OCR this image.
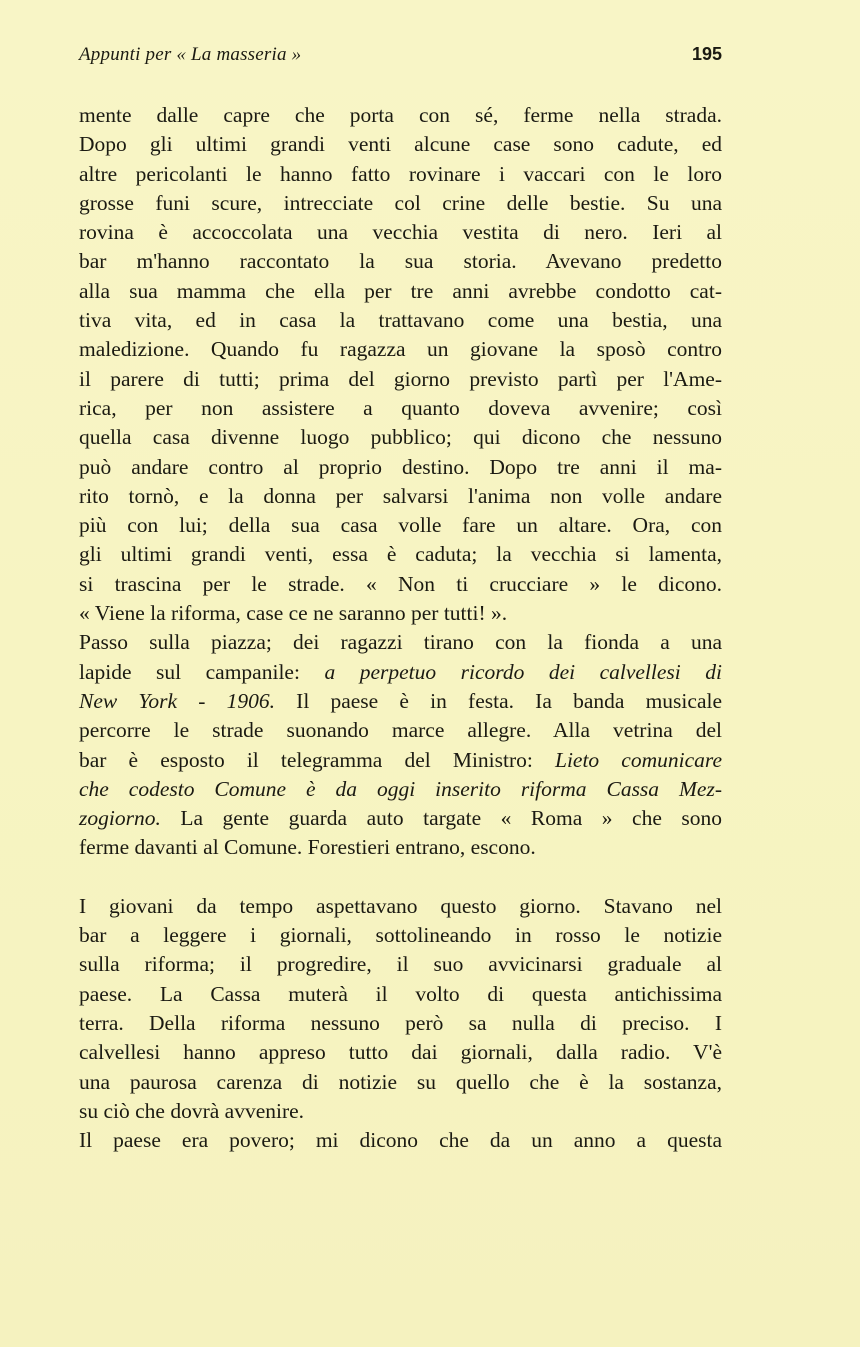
Appunti per « La masseria »	195
mente dalle capre che porta con sé, ferme nella strada.
Dopo gli ultimi grandi venti alcune case sono cadute, ed
altre pericolanti le hanno fatto rovinare i vaccari con le loro
grosse funi scure, intrecciate col crine delle bestie. Su una
rovina è accoccolata una vecchia vestita di nero. Ieri al
bar m'hanno raccontato la sua storia. Avevano predetto
alla sua mamma che ella per tre anni avrebbe condotto cat-
tiva vita, ed in casa la trattavano come una bestia, una
maledizione. Quando fu ragazza un giovane la sposò contro
il parere di tutti; prima del giorno previsto partì per l'Ame-
rica, per non assistere a quanto doveva avvenire; così
quella casa divenne luogo pubblico; qui dicono che nessuno
può andare contro al proprio destino. Dopo tre anni il ma-
rito tornò, e la donna per salvarsi l'anima non volle andare
più con lui; della sua casa volle fare un altare. Ora, con
gli ultimi grandi venti, essa è caduta; la vecchia si lamenta,
si trascina per le strade. « Non ti crucciare » le dicono.
« Viene la riforma, case ce ne saranno per tutti! ».
Passo sulla piazza; dei ragazzi tirano con la fionda a una
lapide sul campanile: a perpetuo ricordo dei calvellesi di
New York - 1906. Il paese è in festa. Ia banda musicale
percorre le strade suonando marce allegre. Alla vetrina del
bar è esposto il telegramma del Ministro: Lieto comunicare
che codesto Comune è da oggi inserito riforma Cassa Mez-
zogiorno. La gente guarda auto targate « Roma » che sono
ferme davanti al Comune. Forestieri entrano, escono.
I giovani da tempo aspettavano questo giorno. Stavano nel
bar a leggere i giornali, sottolineando in rosso le notizie
sulla riforma; il progredire, il suo avvicinarsi graduale al
paese. La Cassa muterà il volto di questa antichissima
terra. Della riforma nessuno però sa nulla di preciso. I
calvellesi hanno appreso tutto dai giornali, dalla radio. V'è
una paurosa carenza di notizie su quello che è la sostanza,
su ciò che dovrà avvenire.
Il paese era povero; mi dicono che da un anno a questa
